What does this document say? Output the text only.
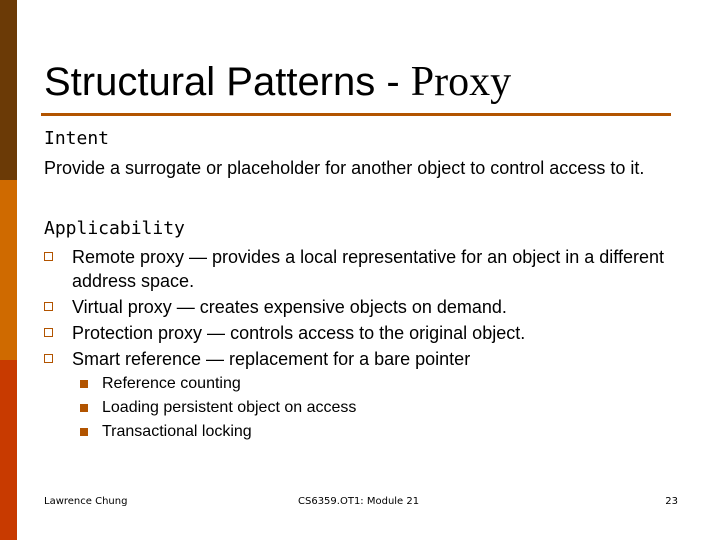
Structural Patterns - Proxy
Intent
Provide a surrogate or placeholder for another object to control access to it.
Applicability
Remote proxy — provides a local representative for an object in a different address space.
Virtual proxy — creates expensive objects on demand.
Protection proxy — controls access to the original object.
Smart reference — replacement for a bare pointer
Reference counting
Loading persistent object on access
Transactional locking
Lawrence Chung	CS6359.OT1: Module 21	23
